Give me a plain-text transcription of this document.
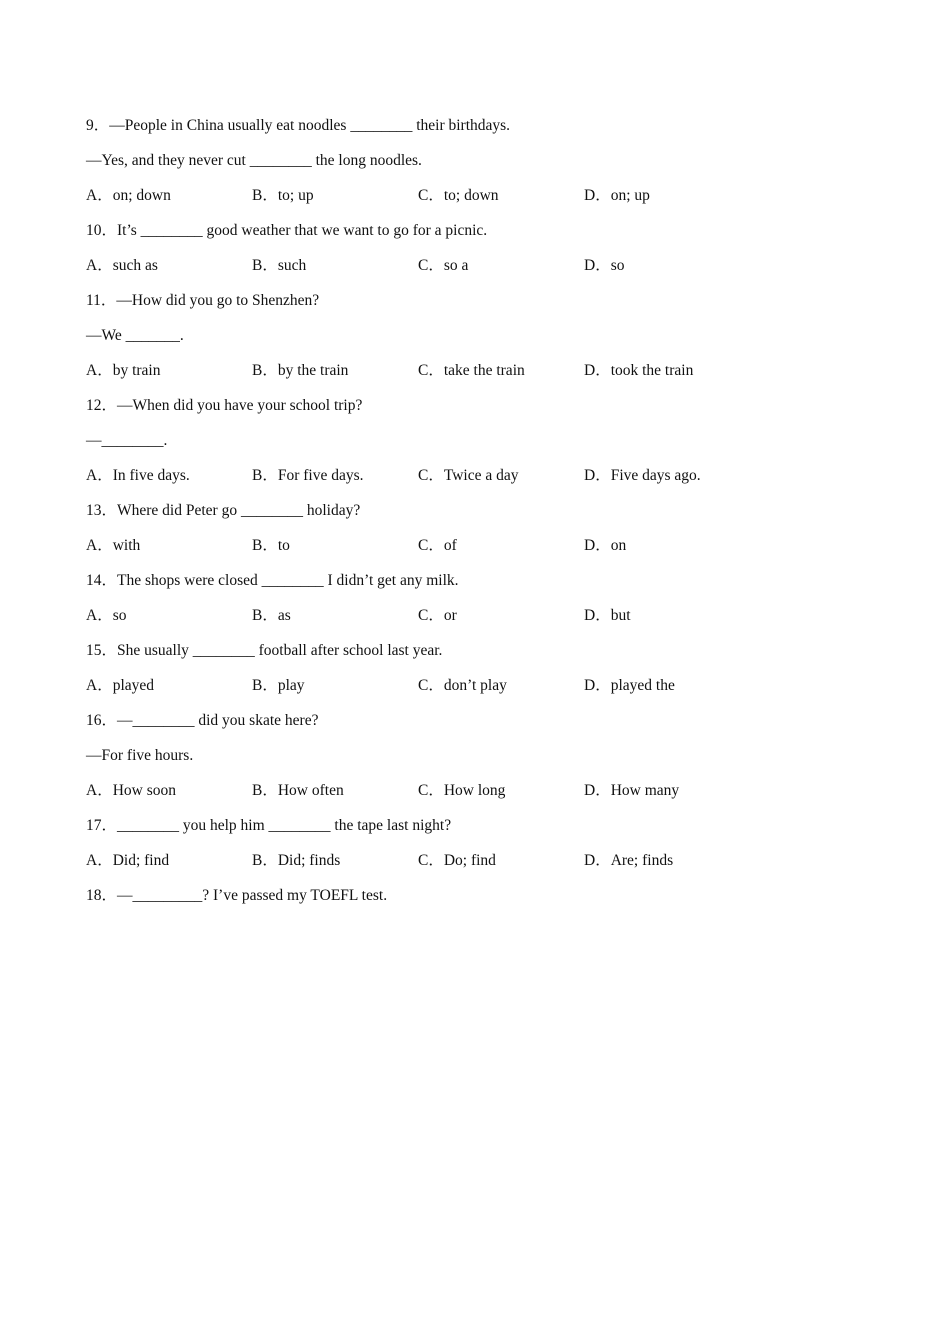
9．—People in China usually eat noodles ________ their birthdays.
—Yes, and they never cut ________ the long noodles.
A．on; down	B．to; up	C．to; down	D．on; up
10．It’s ________ good weather that we want to go for a picnic.
A．such as	B．such	C．so a	D．so
11．—How did you go to Shenzhen?
—We _______.
A．by train	B．by the train	C．take the train	D．took the train
12．—When did you have your school trip?
—________.
A．In five days.	B．For five days.	C．Twice a day	D．Five days ago.
13．Where did Peter go ________ holiday?
A．with	B．to	C．of	D．on
14．The shops were closed ________ I didn’t get any milk.
A．so	B．as	C．or	D．but
15．She usually ________ football after school last year.
A．played	B．play	C．don’t play	D．played the
16．—________ did you skate here?
—For five hours.
A．How soon	B．How often	C．How long	D．How many
17．________ you help him ________ the tape last night?
A．Did; find	B．Did; finds	C．Do; find	D．Are; finds
18．—_________? I’ve passed my TOEFL test.
